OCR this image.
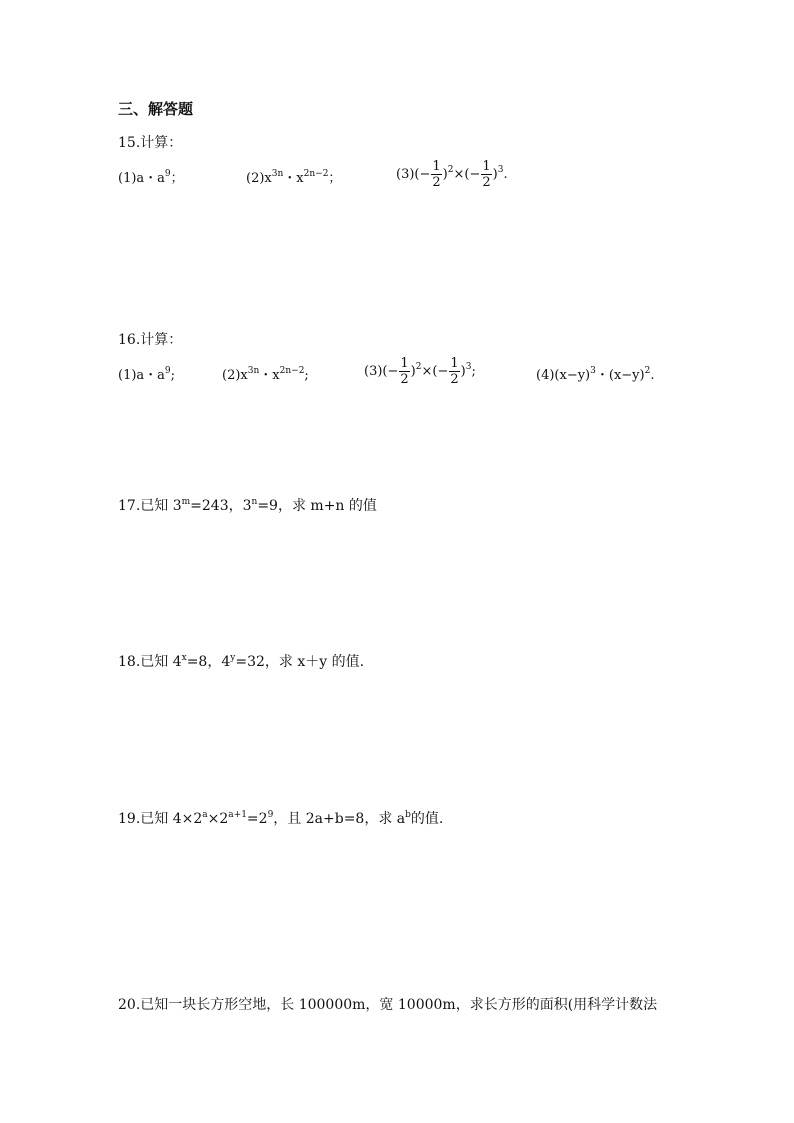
三、解答题
15.计算：
(1)a・$a^9$；	$(2)x^{3n}$・$x^{2n-2}$；	$(3)(- \frac{1}{2} )^2\times(- \frac{1}{2} )^3$.
16.计算：
(1)a・$a^9$;	$(2)x^{3n}$・$x^{2n-2}$;	$(3)(- \frac{1}{2} )^2\times(- \frac{1}{2} )^3$;	$(4)(x-y)^3$・$(x-y)^2$.
17.已知 $3^m=243$，$3^n=9$，求 m+n 的值
18.已知 $4^x=8$，$4^y=32$，求 x＋y 的值.
19.已知 $4\times 2^a\times 2^{a+1}=2^9$，且 2a+b=8，求 $a^b$的值.
20.已知一块长方形空地，长 100000m，宽 10000m，求长方形的面积(用科学计数法
